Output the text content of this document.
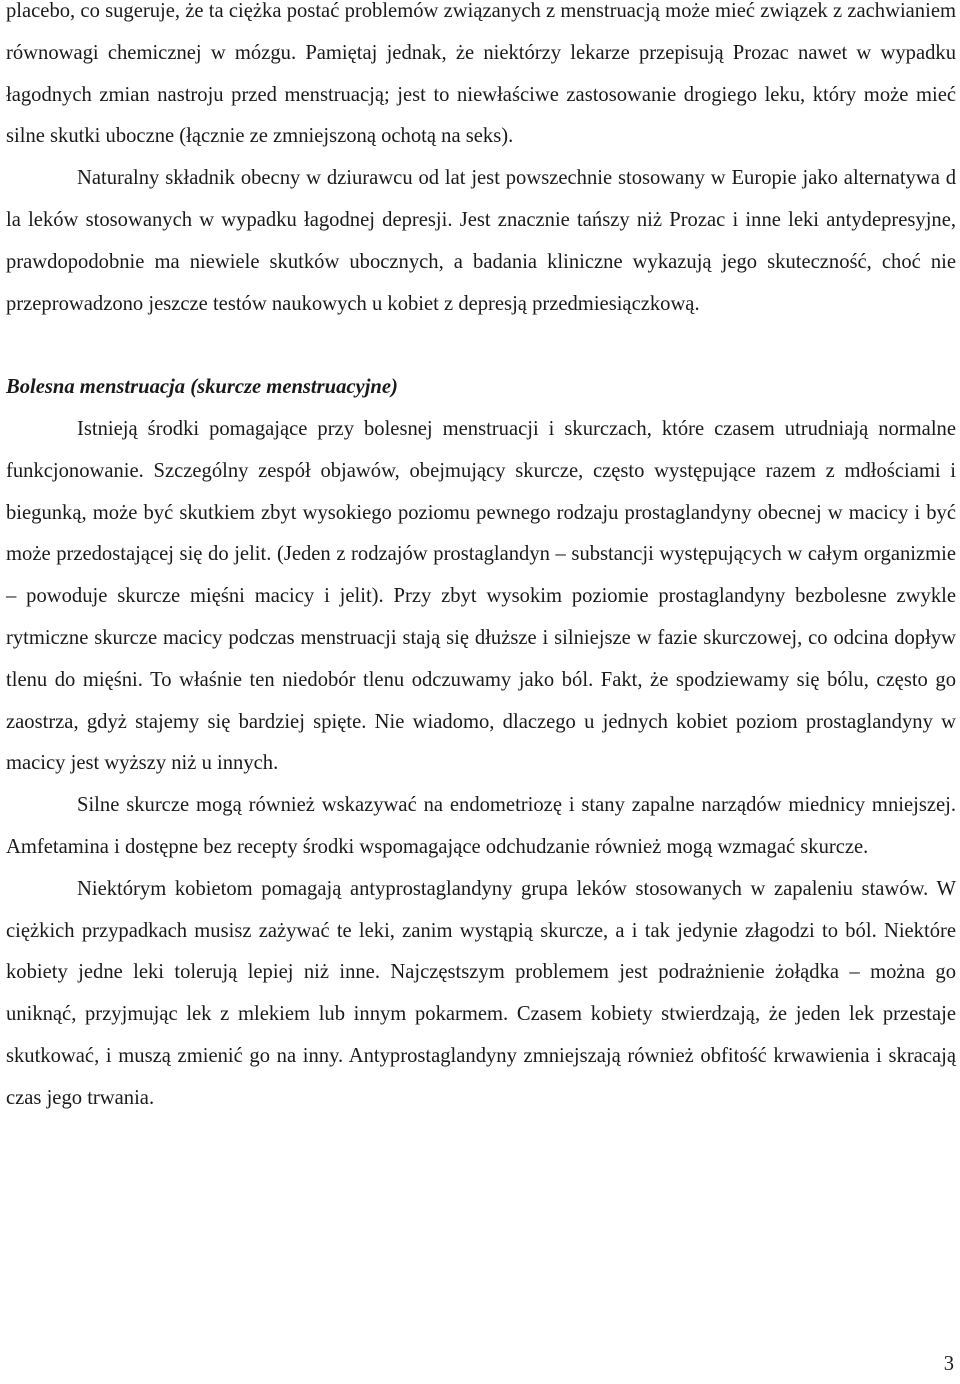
placebo, co sugeruje, że ta ciężka postać problemów związanych z menstruacją może mieć związek z zachwianiem równowagi chemicznej w mózgu. Pamiętaj jednak, że niektórzy lekarze przepisują Prozac nawet w wypadku łagodnych zmian nastroju przed menstruacją; jest to niewłaściwe zastosowanie drogiego leku, który może mieć silne skutki uboczne (łącznie ze zmniejszoną ochotą na seks).

Naturalny składnik obecny w dziurawcu od lat jest powszechnie stosowany w Europie jako alternatywa d la leków stosowanych w wypadku łagodnej depresji. Jest znacznie tańszy niż Prozac i inne leki antydepresyjne, prawdopodobnie ma niewiele skutków ubocznych, a badania kliniczne wykazują jego skuteczność, choć nie przeprowadzono jeszcze testów naukowych u kobiet z depresją przedmiesiączkową.

Bolesna menstruacja (skurcze menstruacyjne)

Istnieją środki pomagające przy bolesnej menstruacji i skurczach, które czasem utrudniają normalne funkcjonowanie. Szczególny zespół objawów, obejmujący skurcze, często występujące razem z mdłościami i biegunką, może być skutkiem zbyt wysokiego poziomu pewnego rodzaju prostaglandyny obecnej w macicy i być może przedostającej się do jelit. (Jeden z rodzajów prostaglandyn – substancji występujących w całym organizmie – powoduje skurcze mięśni macicy i jelit). Przy zbyt wysokim poziomie prostaglandyny bezbolesne zwykle rytmiczne skurcze macicy podczas menstruacji stają się dłuższe i silniejsze w fazie skurczowej, co odcina dopływ tlenu do mięśni. To właśnie ten niedobór tlenu odczuwamy jako ból. Fakt, że spodziewamy się bólu, często go zaostrza, gdyż stajemy się bardziej spięte. Nie wiadomo, dlaczego u jednych kobiet poziom prostaglandyny w macicy jest wyższy niż u innych.

Silne skurcze mogą również wskazywać na endometriozę i stany zapalne narządów miednicy mniejszej. Amfetamina i dostępne bez recepty środki wspomagające odchudzanie również mogą wzmagać skurcze.

Niektórym kobietom pomagają antyprostaglandyny grupa leków stosowanych w zapaleniu stawów. W ciężkich przypadkach musisz zażywać te leki, zanim wystąpią skurcze, a i tak jedynie złagodzi to ból. Niektóre kobiety jedne leki tolerują lepiej niż inne. Najczęstszym problemem jest podrażnienie żołądka – można go uniknąć, przyjmując lek z mlekiem lub innym pokarmem. Czasem kobiety stwierdzają, że jeden lek przestaje skutkować, i muszą zmienić go na inny. Antyprostaglandyny zmniejszają również obfitość krwawienia i skracają czas jego trwania.

3
